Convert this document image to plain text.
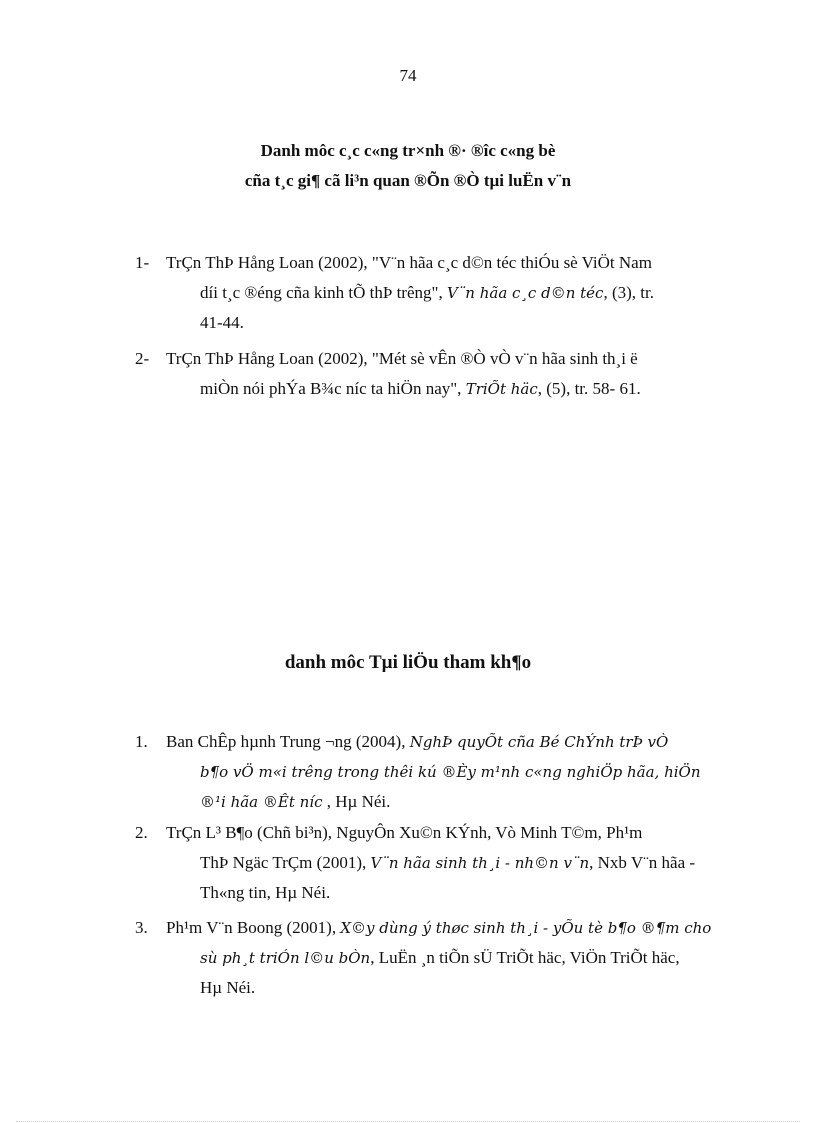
74
Danh môc c¸c c«ng tr×nh ®· ®îc c«ng bè
cña t¸c gi¶ cã li³n quan ®Õn ®Ò tµi luËn v¨n
1- TrÇn ThÞ Hång Loan (2002), "V¨n hãa c¸c d©n téc thiÓu sè ViÖt Nam
díi t¸c ®éng cña kinh tÕ thÞ trêng", V¨n hãa c¸c d©n téc, (3), tr.
41-44.
2- TrÇn ThÞ Hång Loan (2002), "Mét sè vÊn ®Ò vÒ v¨n hãa sinh th¸i ë
miÒn nói phÝa B¾c níc ta hiÖn nay", TriÕt häc, (5), tr. 58- 61.
danh môc Tµi liÖu tham kh¶o
1. Ban ChÊp hµnh Trung ¬ng (2004), NghÞ quyÕt cña Bé ChÝnh trÞ vÒ
b¶o vÖ m«i trêng trong thêi kú ®Èy m¹nh c«ng nghiÖp hãa, hiÖn
®¹i hãa ®Êt níc , Hµ Néi.
2. TrÇn L³ B¶o (Chñ bi³n), NguyÔn Xu©n KÝnh, Vò Minh T©m, Ph¹m
ThÞ Ngäc TrÇm (2001), V¨n hãa sinh th¸i - nh©n v¨n, Nxb V¨n hãa -
Th«ng tin, Hµ Néi.
3. Ph¹m V¨n Boong (2001), X©y dùng ý thøc sinh th¸i - yÕu tè b¶o ®¶m cho
sù ph¸t triÓn l©u bÒn, LuËn ¸n tiÕn sÜ TriÕt häc, ViÖn TriÕt häc,
Hµ Néi.
